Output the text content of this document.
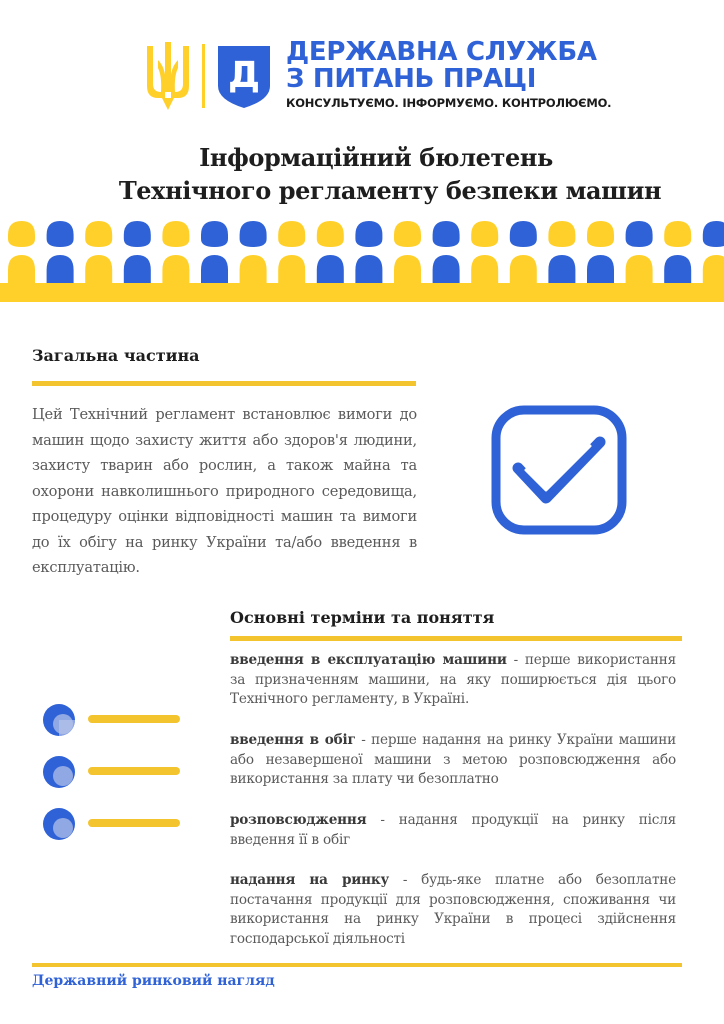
Д
ДЕРЖАВНА СЛУЖБА
З ПИТАНЬ ПРАЦІ
КОНСУЛЬТУЄМО. ІНФОРМУЄМО. КОНТРОЛЮЄМО.
Інформаційний бюлетень
Технічного регламенту безпеки машин
Загальна частина
Цей Технічний регламент встановлює вимоги до машин щодо захисту життя або здоров'я людини, захисту тварин або рослин, а також майна та охорони навколишнього природного середовища, процедуру оцінки відповідності машин та вимоги до їх обігу на ринку України та/або введення в експлуатацію.
Основні терміни та поняття
введення в експлуатацію машини - перше використання за призначенням машини, на яку поширюється дія цього Технічного регламенту, в Україні.
введення в обіг - перше надання на ринку України машини або незавершеної машини з метою розповсюдження або використання за плату чи безоплатно
розповсюдження - надання продукції на ринку після введення її в обіг
надання на ринку - будь-яке платне або безоплатне постачання продукції для розповсюдження, споживання чи використання на ринку України в процесі здійснення господарської діяльності
Державний ринковий нагляд
